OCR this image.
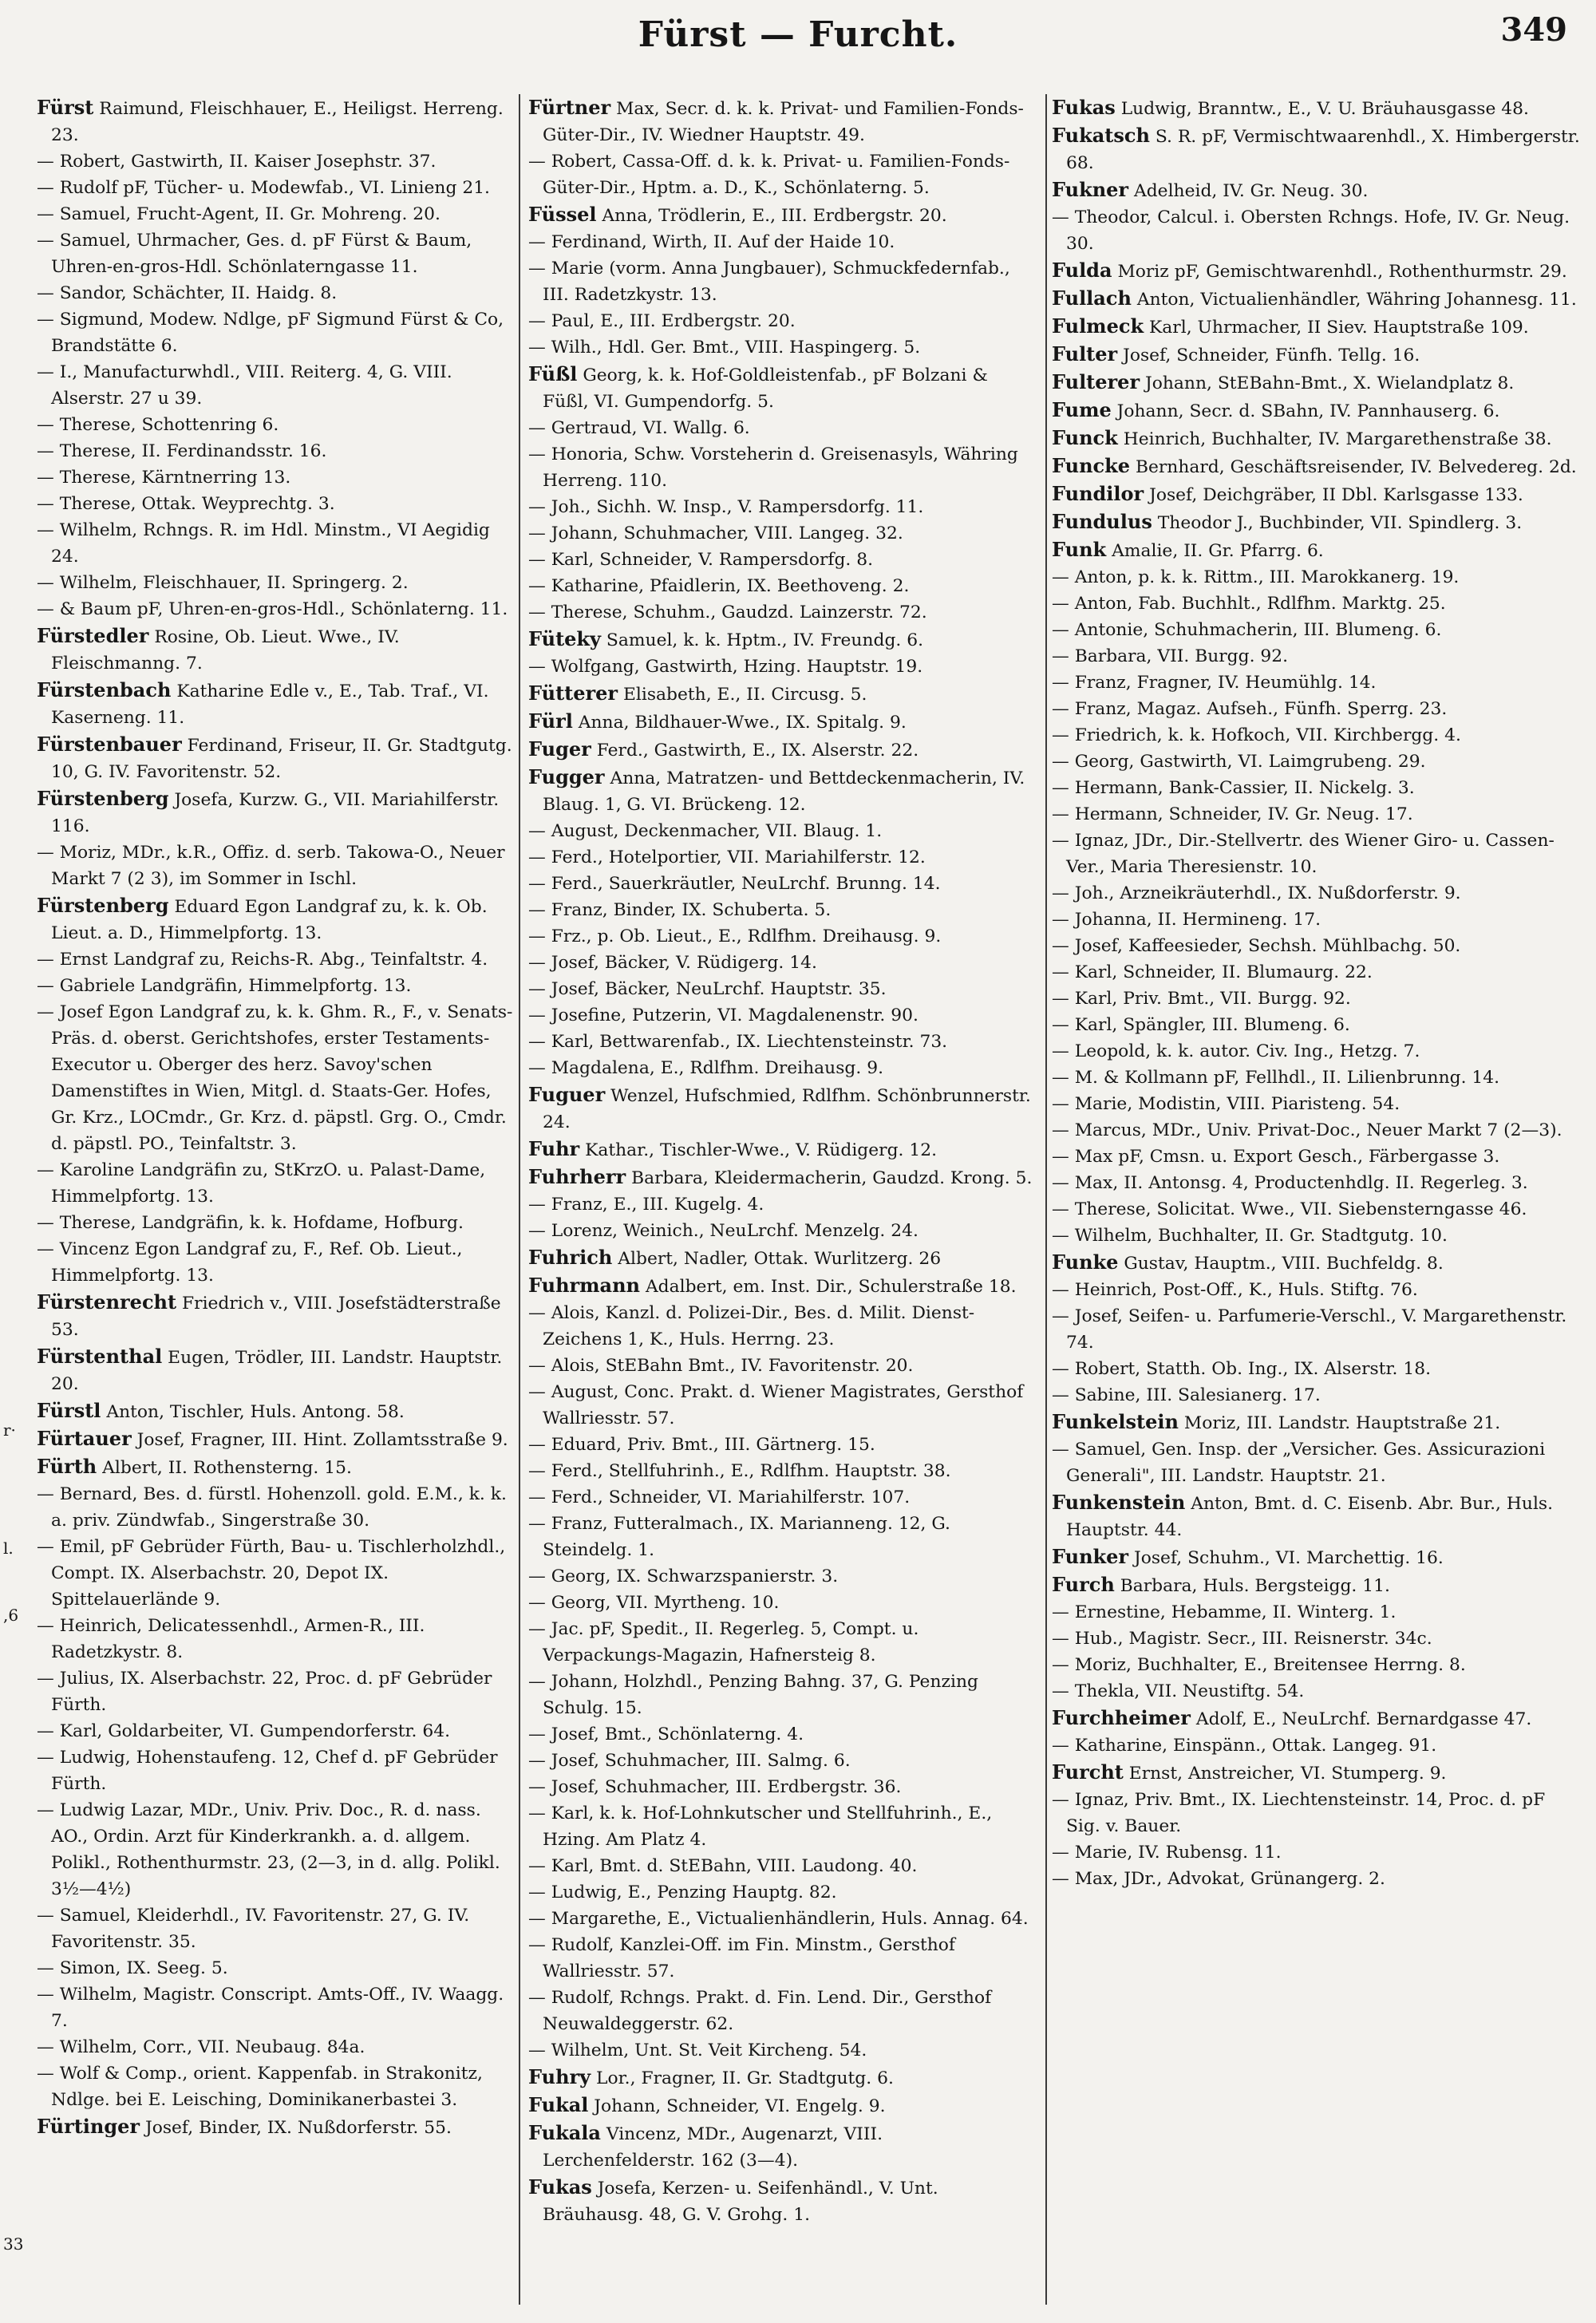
Fürst — Furcht.	349
r·
l.
,6
33
Fürst Raimund, Fleischhauer, E., Heiligst. Herreng. 23.
— Robert, Gastwirth, II. Kaiser Josephstr. 37.
— Rudolf pF, Tücher- u. Modewfab., VI. Linieng 21.
— Samuel, Frucht-Agent, II. Gr. Mohreng. 20.
— Samuel, Uhrmacher, Ges. d. pF Fürst & Baum, Uhren-en-gros-Hdl. Schönlaterngasse 11.
— Sandor, Schächter, II. Haidg. 8.
— Sigmund, Modew. Ndlge, pF Sigmund Fürst & Co, Brandstätte 6.
— I., Manufacturwhdl., VIII. Reiterg. 4, G. VIII. Alserstr. 27 u 39.
— Therese, Schottenring 6.
— Therese, II. Ferdinandsstr. 16.
— Therese, Kärntnerring 13.
— Therese, Ottak. Weyprechtg. 3.
— Wilhelm, Rchngs. R. im Hdl. Minstm., VI Aegidig 24.
— Wilhelm, Fleischhauer, II. Springerg. 2.
— & Baum pF, Uhren-en-gros-Hdl., Schönlaterng. 11.
Fürstedler Rosine, Ob. Lieut. Wwe., IV. Fleischmanng. 7.
Fürstenbach Katharine Edle v., E., Tab. Traf., VI. Kaserneng. 11.
Fürstenbauer Ferdinand, Friseur, II. Gr. Stadtgutg. 10, G. IV. Favoritenstr. 52.
Fürstenberg Josefa, Kurzw. G., VII. Mariahilferstr. 116.
— Moriz, MDr., k.R., Offiz. d. serb. Takowa-O., Neuer Markt 7 (2 3), im Sommer in Ischl.
Fürstenberg Eduard Egon Landgraf zu, k. k. Ob. Lieut. a. D., Himmelpfortg. 13.
— Ernst Landgraf zu, Reichs-R. Abg., Teinfaltstr. 4.
— Gabriele Landgräfin, Himmelpfortg. 13.
— Josef Egon Landgraf zu, k. k. Ghm. R., F., v. Senats-Präs. d. oberst. Gerichtshofes, erster Testaments-Executor u. Oberger des herz. Savoy'schen Damenstiftes in Wien, Mitgl. d. Staats-Ger. Hofes, Gr. Krz., LOCmdr., Gr. Krz. d. päpstl. Grg. O., Cmdr. d. päpstl. PO., Teinfaltstr. 3.
— Karoline Landgräfin zu, StKrzO. u. Palast-Dame, Himmelpfortg. 13.
— Therese, Landgräfin, k. k. Hofdame, Hofburg.
— Vincenz Egon Landgraf zu, F., Ref. Ob. Lieut., Himmelpfortg. 13.
Fürstenrecht Friedrich v., VIII. Josefstädterstraße 53.
Fürstenthal Eugen, Trödler, III. Landstr. Hauptstr. 20.
Fürstl Anton, Tischler, Huls. Antong. 58.
Fürtauer Josef, Fragner, III. Hint. Zollamtsstraße 9.
Fürth Albert, II. Rothensterng. 15.
— Bernard, Bes. d. fürstl. Hohenzoll. gold. E.M., k. k. a. priv. Zündwfab., Singerstraße 30.
— Emil, pF Gebrüder Fürth, Bau- u. Tischlerholzhdl., Compt. IX. Alserbachstr. 20, Depot IX. Spittelauerlände 9.
— Heinrich, Delicatessenhdl., Armen-R., III. Radetzkystr. 8.
— Julius, IX. Alserbachstr. 22, Proc. d. pF Gebrüder Fürth.
— Karl, Goldarbeiter, VI. Gumpendorferstr. 64.
— Ludwig, Hohenstaufeng. 12, Chef d. pF Gebrüder Fürth.
— Ludwig Lazar, MDr., Univ. Priv. Doc., R. d. nass. AO., Ordin. Arzt für Kinderkrankh. a. d. allgem. Polikl., Rothenthurmstr. 23, (2—3, in d. allg. Polikl. 3½—4½)
— Samuel, Kleiderhdl., IV. Favoritenstr. 27, G. IV. Favoritenstr. 35.
— Simon, IX. Seeg. 5.
— Wilhelm, Magistr. Conscript. Amts-Off., IV. Waagg. 7.
— Wilhelm, Corr., VII. Neubaug. 84a.
— Wolf & Comp., orient. Kappenfab. in Strakonitz, Ndlge. bei E. Leisching, Dominikanerbastei 3.
Fürtinger Josef, Binder, IX. Nußdorferstr. 55.
Fürtner Max, Secr. d. k. k. Privat- und Familien-Fonds-Güter-Dir., IV. Wiedner Hauptstr. 49.
— Robert, Cassa-Off. d. k. k. Privat- u. Familien-Fonds-Güter-Dir., Hptm. a. D., K., Schönlaterng. 5.
Füssel Anna, Trödlerin, E., III. Erdbergstr. 20.
— Ferdinand, Wirth, II. Auf der Haide 10.
— Marie (vorm. Anna Jungbauer), Schmuckfedernfab., III. Radetzkystr. 13.
— Paul, E., III. Erdbergstr. 20.
— Wilh., Hdl. Ger. Bmt., VIII. Haspingerg. 5.
Füßl Georg, k. k. Hof-Goldleistenfab., pF Bolzani & Füßl, VI. Gumpendorfg. 5.
— Gertraud, VI. Wallg. 6.
— Honoria, Schw. Vorsteherin d. Greisenasyls, Währing Herreng. 110.
— Joh., Sichh. W. Insp., V. Rampersdorfg. 11.
— Johann, Schuhmacher, VIII. Langeg. 32.
— Karl, Schneider, V. Rampersdorfg. 8.
— Katharine, Pfaidlerin, IX. Beethoveng. 2.
— Therese, Schuhm., Gaudzd. Lainzerstr. 72.
Füteky Samuel, k. k. Hptm., IV. Freundg. 6.
— Wolfgang, Gastwirth, Hzing. Hauptstr. 19.
Fütterer Elisabeth, E., II. Circusg. 5.
Fürl Anna, Bildhauer-Wwe., IX. Spitalg. 9.
Fuger Ferd., Gastwirth, E., IX. Alserstr. 22.
Fugger Anna, Matratzen- und Bettdeckenmacherin, IV. Blaug. 1, G. VI. Brückeng. 12.
— August, Deckenmacher, VII. Blaug. 1.
— Ferd., Hotelportier, VII. Mariahilferstr. 12.
— Ferd., Sauerkräutler, NeuLrchf. Brunng. 14.
— Franz, Binder, IX. Schuberta. 5.
— Frz., p. Ob. Lieut., E., Rdlfhm. Dreihausg. 9.
— Josef, Bäcker, V. Rüdigerg. 14.
— Josef, Bäcker, NeuLrchf. Hauptstr. 35.
— Josefine, Putzerin, VI. Magdalenenstr. 90.
— Karl, Bettwarenfab., IX. Liechtensteinstr. 73.
— Magdalena, E., Rdlfhm. Dreihausg. 9.
Fuguer Wenzel, Hufschmied, Rdlfhm. Schönbrunnerstr. 24.
Fuhr Kathar., Tischler-Wwe., V. Rüdigerg. 12.
Fuhrherr Barbara, Kleidermacherin, Gaudzd. Krong. 5.
— Franz, E., III. Kugelg. 4.
— Lorenz, Weinich., NeuLrchf. Menzelg. 24.
Fuhrich Albert, Nadler, Ottak. Wurlitzerg. 26
Fuhrmann Adalbert, em. Inst. Dir., Schulerstraße 18.
— Alois, Kanzl. d. Polizei-Dir., Bes. d. Milit. Dienst-Zeichens 1, K., Huls. Herrng. 23.
— Alois, StEBahn Bmt., IV. Favoritenstr. 20.
— August, Conc. Prakt. d. Wiener Magistrates, Gersthof Wallriesstr. 57.
— Eduard, Priv. Bmt., III. Gärtnerg. 15.
— Ferd., Stellfuhrinh., E., Rdlfhm. Hauptstr. 38.
— Ferd., Schneider, VI. Mariahilferstr. 107.
— Franz, Futteralmach., IX. Marianneng. 12, G. Steindelg. 1.
— Georg, IX. Schwarzspanierstr. 3.
— Georg, VII. Myrtheng. 10.
— Jac. pF, Spedit., II. Regerleg. 5, Compt. u. Verpackungs-Magazin, Hafnersteig 8.
— Johann, Holzhdl., Penzing Bahng. 37, G. Penzing Schulg. 15.
— Josef, Bmt., Schönlaterng. 4.
— Josef, Schuhmacher, III. Salmg. 6.
— Josef, Schuhmacher, III. Erdbergstr. 36.
— Karl, k. k. Hof-Lohnkutscher und Stellfuhrinh., E., Hzing. Am Platz 4.
— Karl, Bmt. d. StEBahn, VIII. Laudong. 40.
— Ludwig, E., Penzing Hauptg. 82.
— Margarethe, E., Victualienhändlerin, Huls. Annag. 64.
— Rudolf, Kanzlei-Off. im Fin. Minstm., Gersthof Wallriesstr. 57.
— Rudolf, Rchngs. Prakt. d. Fin. Lend. Dir., Gersthof Neuwaldeggerstr. 62.
— Wilhelm, Unt. St. Veit Kircheng. 54.
Fuhry Lor., Fragner, II. Gr. Stadtgutg. 6.
Fukal Johann, Schneider, VI. Engelg. 9.
Fukala Vincenz, MDr., Augenarzt, VIII. Lerchenfelderstr. 162 (3—4).
Fukas Josefa, Kerzen- u. Seifenhändl., V. Unt. Bräuhausg. 48, G. V. Grohg. 1.
Fukas Ludwig, Branntw., E., V. U. Bräuhausgasse 48.
Fukatsch S. R. pF, Vermischtwaarenhdl., X. Himbergerstr. 68.
Fukner Adelheid, IV. Gr. Neug. 30.
— Theodor, Calcul. i. Obersten Rchngs. Hofe, IV. Gr. Neug. 30.
Fulda Moriz pF, Gemischtwarenhdl., Rothenthurmstr. 29.
Fullach Anton, Victualienhändler, Währing Johannesg. 11.
Fulmeck Karl, Uhrmacher, II Siev. Hauptstraße 109.
Fulter Josef, Schneider, Fünfh. Tellg. 16.
Fulterer Johann, StEBahn-Bmt., X. Wielandplatz 8.
Fume Johann, Secr. d. SBahn, IV. Pannhauserg. 6.
Funck Heinrich, Buchhalter, IV. Margarethenstraße 38.
Funcke Bernhard, Geschäftsreisender, IV. Belvedereg. 2d.
Fundilor Josef, Deichgräber, II Dbl. Karlsgasse 133.
Fundulus Theodor J., Buchbinder, VII. Spindlerg. 3.
Funk Amalie, II. Gr. Pfarrg. 6.
— Anton, p. k. k. Rittm., III. Marokkanerg. 19.
— Anton, Fab. Buchhlt., Rdlfhm. Marktg. 25.
— Antonie, Schuhmacherin, III. Blumeng. 6.
— Barbara, VII. Burgg. 92.
— Franz, Fragner, IV. Heumühlg. 14.
— Franz, Magaz. Aufseh., Fünfh. Sperrg. 23.
— Friedrich, k. k. Hofkoch, VII. Kirchbergg. 4.
— Georg, Gastwirth, VI. Laimgrubeng. 29.
— Hermann, Bank-Cassier, II. Nickelg. 3.
— Hermann, Schneider, IV. Gr. Neug. 17.
— Ignaz, JDr., Dir.-Stellvertr. des Wiener Giro- u. Cassen-Ver., Maria Theresienstr. 10.
— Joh., Arzneikräuterhdl., IX. Nußdorferstr. 9.
— Johanna, II. Hermineng. 17.
— Josef, Kaffeesieder, Sechsh. Mühlbachg. 50.
— Karl, Schneider, II. Blumaurg. 22.
— Karl, Priv. Bmt., VII. Burgg. 92.
— Karl, Spängler, III. Blumeng. 6.
— Leopold, k. k. autor. Civ. Ing., Hetzg. 7.
— M. & Kollmann pF, Fellhdl., II. Lilienbrunng. 14.
— Marie, Modistin, VIII. Piaristeng. 54.
— Marcus, MDr., Univ. Privat-Doc., Neuer Markt 7 (2—3).
— Max pF, Cmsn. u. Export Gesch., Färbergasse 3.
— Max, II. Antonsg. 4, Productenhdlg. II. Regerleg. 3.
— Therese, Solicitat. Wwe., VII. Siebensterngasse 46.
— Wilhelm, Buchhalter, II. Gr. Stadtgutg. 10.
Funke Gustav, Hauptm., VIII. Buchfeldg. 8.
— Heinrich, Post-Off., K., Huls. Stiftg. 76.
— Josef, Seifen- u. Parfumerie-Verschl., V. Margarethenstr. 74.
— Robert, Statth. Ob. Ing., IX. Alserstr. 18.
— Sabine, III. Salesianerg. 17.
Funkelstein Moriz, III. Landstr. Hauptstraße 21.
— Samuel, Gen. Insp. der „Versicher. Ges. Assicurazioni Generali", III. Landstr. Hauptstr. 21.
Funkenstein Anton, Bmt. d. C. Eisenb. Abr. Bur., Huls. Hauptstr. 44.
Funker Josef, Schuhm., VI. Marchettig. 16.
Furch Barbara, Huls. Bergsteigg. 11.
— Ernestine, Hebamme, II. Winterg. 1.
— Hub., Magistr. Secr., III. Reisnerstr. 34c.
— Moriz, Buchhalter, E., Breitensee Herrng. 8.
— Thekla, VII. Neustiftg. 54.
Furchheimer Adolf, E., NeuLrchf. Bernardgasse 47.
— Katharine, Einspänn., Ottak. Langeg. 91.
Furcht Ernst, Anstreicher, VI. Stumperg. 9.
— Ignaz, Priv. Bmt., IX. Liechtensteinstr. 14, Proc. d. pF Sig. v. Bauer.
— Marie, IV. Rubensg. 11.
— Max, JDr., Advokat, Grünangerg. 2.
